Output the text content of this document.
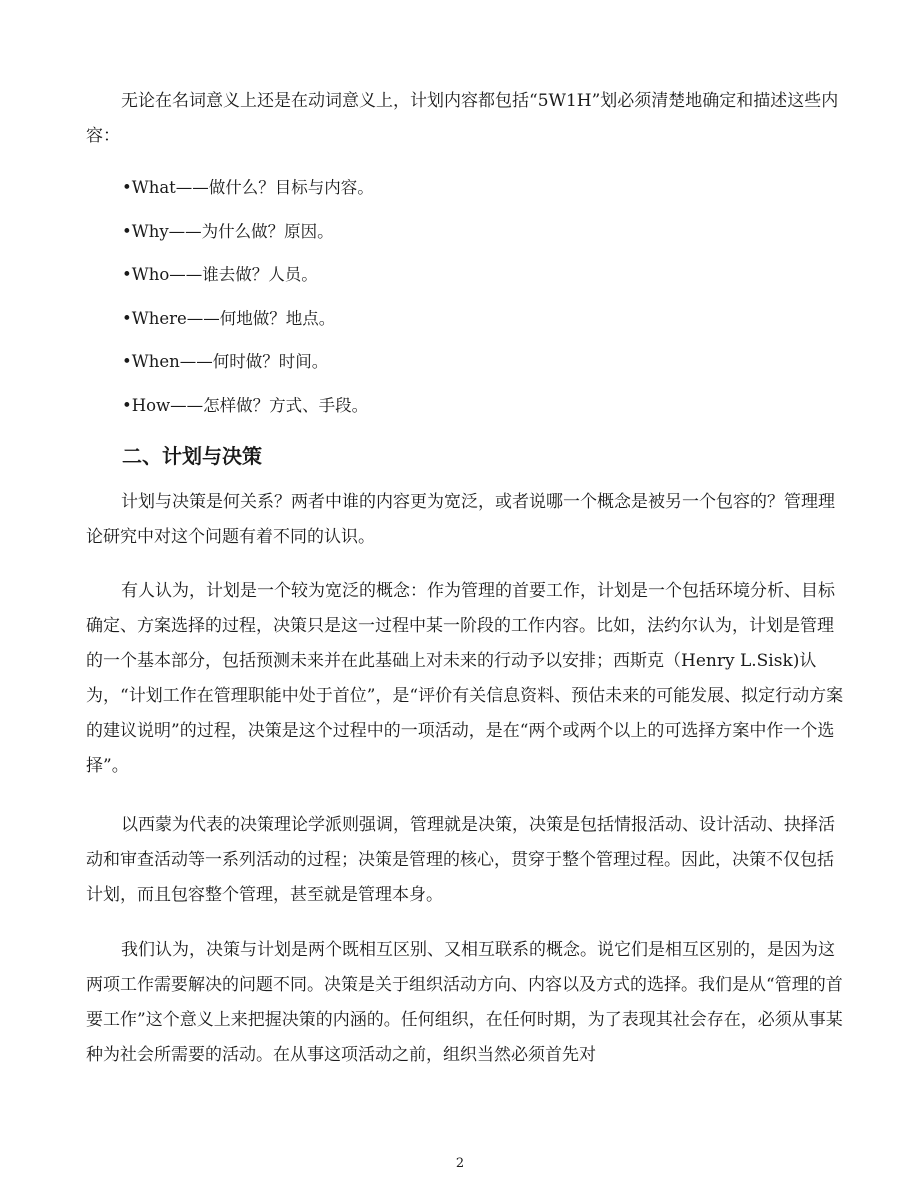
无论在名词意义上还是在动词意义上，计划内容都包括“5W1H”划必须清楚地确定和描述这些内容：

•What——做什么？目标与内容。

•Why——为什么做？原因。

•Who——谁去做？人员。

•Where——何地做？地点。

•When——何时做？时间。

•How——怎样做？方式、手段。

二、计划与决策

计划与决策是何关系？两者中谁的内容更为宽泛，或者说哪一个概念是被另一个包容的？管理理论研究中对这个问题有着不同的认识。

有人认为，计划是一个较为宽泛的概念：作为管理的首要工作，计划是一个包括环境分析、目标确定、方案选择的过程，决策只是这一过程中某一阶段的工作内容。比如，法约尔认为，计划是管理的一个基本部分，包括预测未来并在此基础上对未来的行动予以安排；西斯克（Henry L.Sisk)认为，“计划工作在管理职能中处于首位”，是“评价有关信息资料、预估未来的可能发展、拟定行动方案的建议说明”的过程，决策是这个过程中的一项活动，是在“两个或两个以上的可选择方案中作一个选择”。

以西蒙为代表的决策理论学派则强调，管理就是决策，决策是包括情报活动、设计活动、抉择活动和审查活动等一系列活动的过程；决策是管理的核心，贯穿于整个管理过程。因此，决策不仅包括计划，而且包容整个管理，甚至就是管理本身。

我们认为，决策与计划是两个既相互区别、又相互联系的概念。说它们是相互区别的，是因为这两项工作需要解决的问题不同。决策是关于组织活动方向、内容以及方式的选择。我们是从“管理的首要工作”这个意义上来把握决策的内涵的。任何组织，在任何时期，为了表现其社会存在，必须从事某种为社会所需要的活动。在从事这项活动之前，组织当然必须首先对

2
